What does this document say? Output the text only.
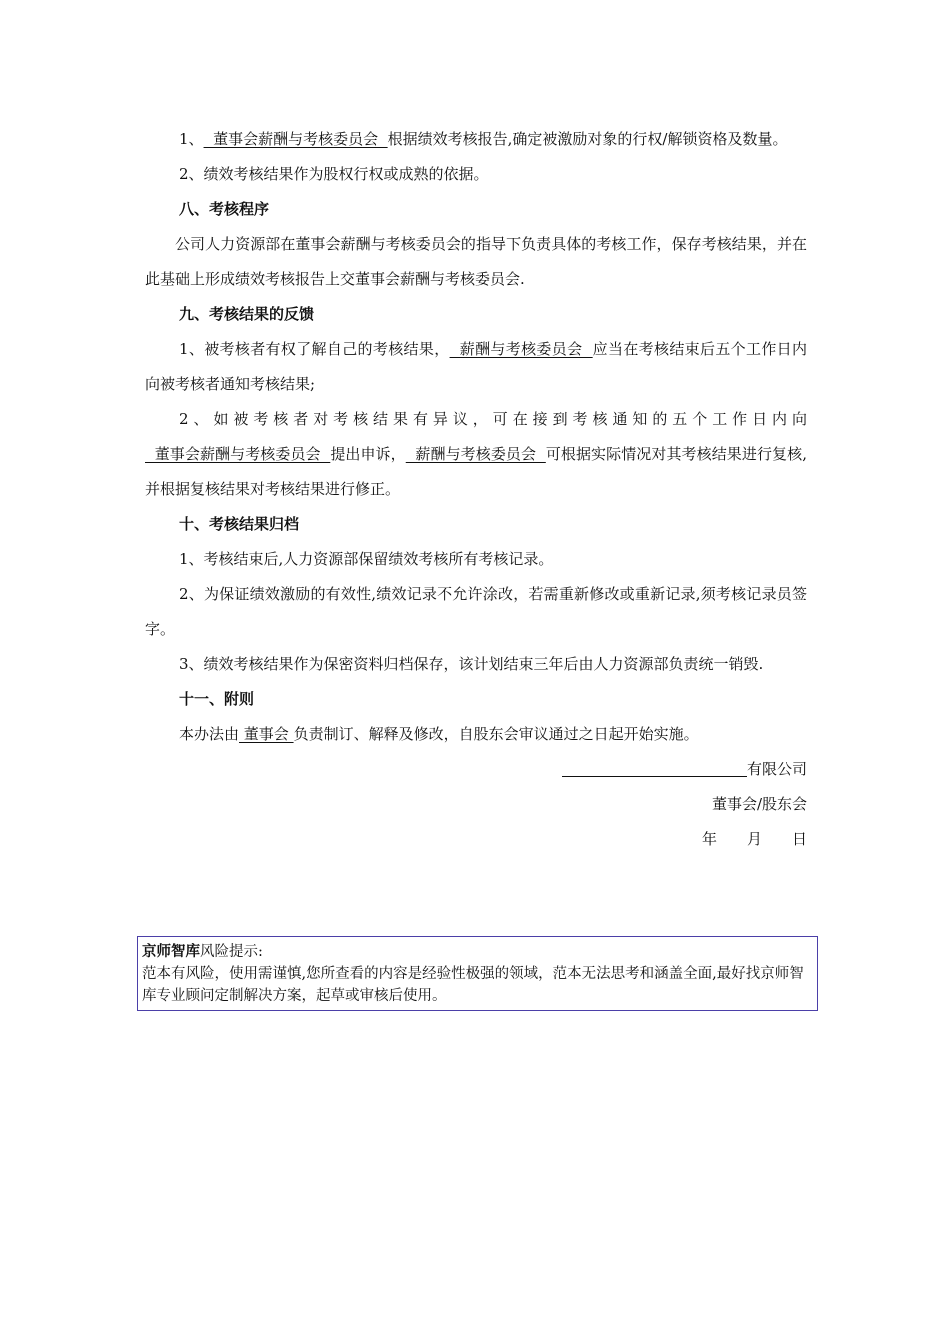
1、  董事会薪酬与考核委员会  根据绩效考核报告,确定被激励对象的行权/解锁资格及数量。

2、绩效考核结果作为股权行权或成熟的依据。

八、考核程序

公司人力资源部在董事会薪酬与考核委员会的指导下负责具体的考核工作，保存考核结果，并在此基础上形成绩效考核报告上交董事会薪酬与考核委员会.

九、考核结果的反馈

1、被考核者有权了解自己的考核结果，  薪酬与考核委员会  应当在考核结束后五个工作日内向被考核者通知考核结果;

2、如被考核者对考核结果有异议，可在接到考核通知的五个工作日内向  董事会薪酬与考核委员会  提出申诉，  薪酬与考核委员会  可根据实际情况对其考核结果进行复核,并根据复核结果对考核结果进行修正。

十、考核结果归档

1、考核结束后,人力资源部保留绩效考核所有考核记录。

2、为保证绩效激励的有效性,绩效记录不允许涂改，若需重新修改或重新记录,须考核记录员签字。

3、绩效考核结果作为保密资料归档保存，该计划结束三年后由人力资源部负责统一销毁.

十一、附则

本办法由 董事会 负责制订、解释及修改，自股东会审议通过之日起开始实施。

有限公司

董事会/股东会

年 月 日

京师智库风险提示:
范本有风险，使用需谨慎,您所查看的内容是经验性极强的领域，范本无法思考和涵盖全面,最好找京师智库专业顾问定制解决方案，起草或审核后使用。
